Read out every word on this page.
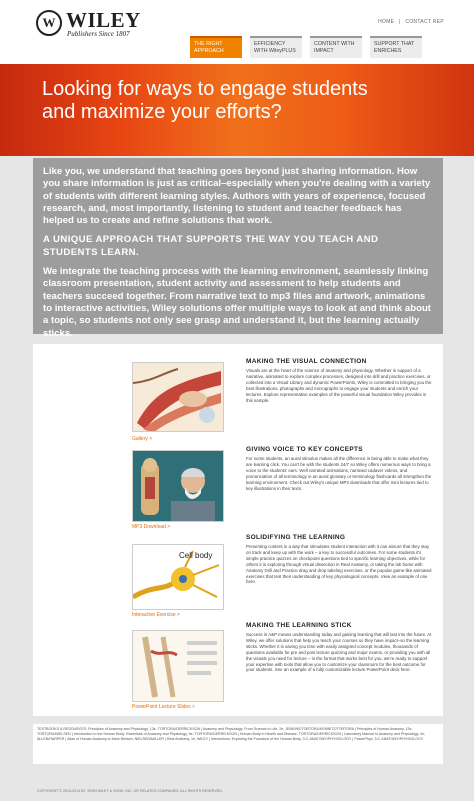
W WILEY
Publishers Since 1807
HOME | CONTACT REP
THE RIGHT APPROACH
EFFICIENCY WITH WileyPLUS
CONTENT WITH IMPACT
SUPPORT THAT ENRICHES
Looking for ways to engage students and maximize your efforts?

Like you, we understand that teaching goes beyond just sharing information. How you share information is just as critical–especially when you're dealing with a variety of students with different learning styles. Authors with years of experience, focused research, and, most importantly, listening to student and teacher feedback has helped us to create and refine solutions that work.

A UNIQUE APPROACH THAT SUPPORTS THE WAY YOU TEACH AND STUDENTS LEARN.

We integrate the teaching process with the learning environment, seamlessly linking classroom presentation, student activity and assessment to help students and teachers succeed together. From narrative text to mp3 files and artwork, animations to interactive activities, Wiley solutions offer multiple ways to look at and think about a topic, so students not only see grasp and understand it, but the learning actually sticks.

Gallery >
MAKING THE VISUAL CONNECTION
Visuals are at the heart of the science of anatomy and physiology. Whether in support of a narrative, animated to explore complex processes, designed into drill and practice exercises, or collected into a Visual Library and dynamic PowerPoints, Wiley is committed to bringing you the best illustrations, photographs and micrographs to engage your students and enrich your lectures. Explore representative examples of the powerful visual foundation Wiley provides in this sample.
MP3 Download >
GIVING VOICE TO KEY CONCEPTS
For some students, an aural stimulus makes all the difference in being able to make what they are learning click. You can't be with the students 24/7 so Wiley offers numerous ways to bring a voice to the students' ears. Well narrated animations, narrated cadaver videos, and pronunciation of all terminology in an aural glossary or terminology flashcards all strengthen the learning environment. Check out Wiley's unique MP3 downloads that offer mini lectures tied to key illustrations in their texts.
Cell body
Interactive Exercise >
SOLIDIFYING THE LEARNING
Presenting content in a way that stimulates student interaction with it can assure that they stay on track and keep up with the work – a key to successful outcomes. For some students it's simple practice quizzes on checkpoint questions tied to specific learning objectives, while for others it is exploring through virtual dissection in Real Anatomy, or taking the lab home with Anatomy Drill and Practice drag and drop labeling exercises, or the popular game-like animated exercises that test their understanding of key physiological concepts. View an example of one here.
PowerPoint Lecture Slides >
MAKING THE LEARNING STICK
Success in A&P means understanding today and gaining learning that will last into the future. At Wiley, we offer solutions that help you teach your courses so they have impact–so the learning sticks. Whether it is saving you time with easily assigned concept modules, thousands of questions available for pre and post lecture quizzing and major exams, or providing you with all the visuals you need for lecture – in the format that works best for you, we're ready to support your expertise with tools that allow you to customize your classroom for the best outcome for your students. See an example of a fully customizable lecture PowerPoint deck here.
TEXTBOOKS & RESOURCES: Principles of Anatomy and Physiology, 13e, TORTORA/DERRICKSON | Anatomy and Physiology: From Science to Life, 2e, JENKINS/TORTORA/KEMNITZ/TORTORA | Principles of Human Anatomy, 13e, TORTORA/NIELSEN | Introduction to the Human Body: Essentials of Anatomy and Physiology, 9e, TORTORA/DERRICKSON | Human Body in Health and Disease, TORTORA/DERRICKSON | Laboratory Manual to Anatomy and Physiology, 4e, ALLEN/HARPER | Atlas of Human Anatomy to Mark Nielsen, NIELSEN/MILLER | Real Anatomy, 1e, WILEY | Interactions: Exploring the Functions of the Human Body, 3.0, ANATOMY/PHYSIOLOGY | PowerPhys, 3.0, ANATOMY/PHYSIOLOGY
COPYRIGHT © 2013-2014 BY JOHN WILEY & SONS, INC. OR RELATED COMPANIES. ALL RIGHTS RESERVED.
